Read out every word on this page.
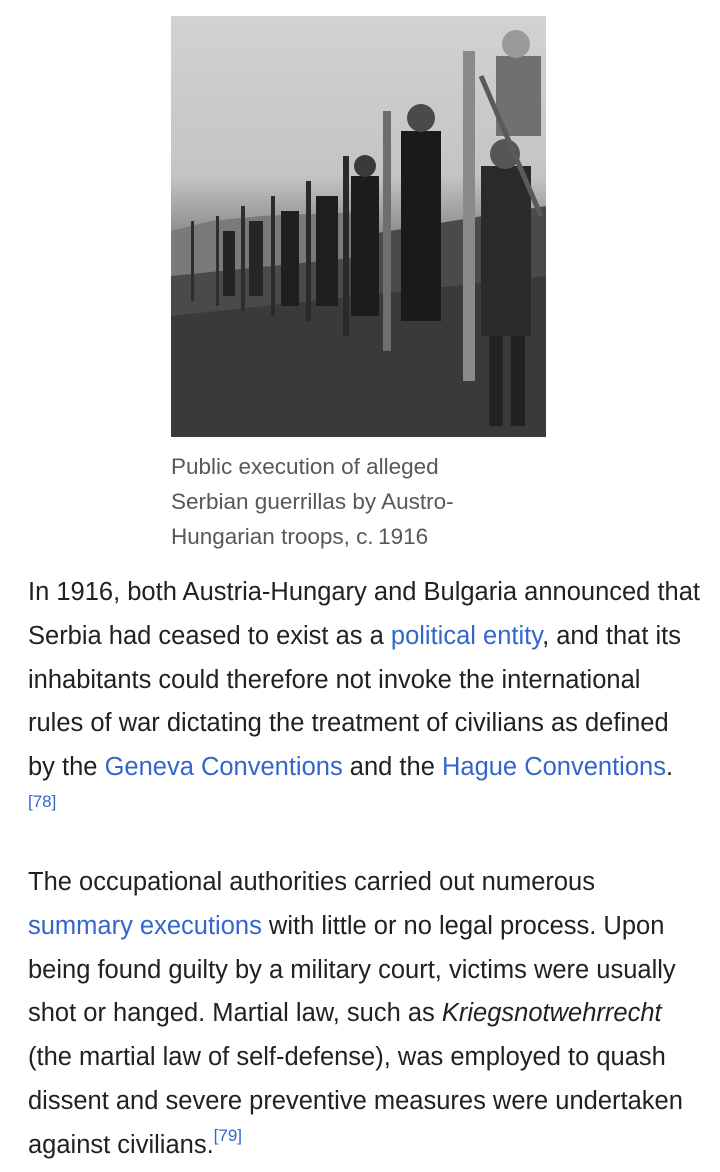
Public execution of alleged Serbian guerrillas by Austro-Hungarian troops, c. 1916

In 1916, both Austria-Hungary and Bulgaria announced that Serbia had ceased to exist as a political entity, and that its inhabitants could therefore not invoke the international rules of war dictating the treatment of civilians as defined by the Geneva Conventions and the Hague Conventions.[78]

The occupational authorities carried out numerous summary executions with little or no legal process. Upon being found guilty by a military court, victims were usually shot or hanged. Martial law, such as Kriegsnotwehrrecht (the martial law of self-defense), was employed to quash dissent and severe preventive measures were undertaken against civilians.[79]
